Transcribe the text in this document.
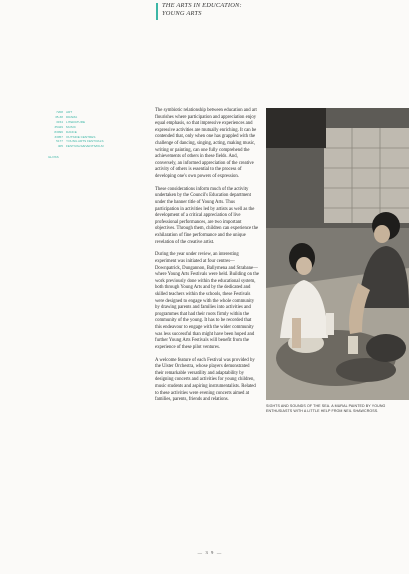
THE ARTS IN EDUCATION:
YOUNG ARTS
7208 ART
35-38 DRAMA
3154 LITERATURE
35429 MUSIC
83996 DANCE
33957 OUTSIDE CENTRES
5177 YOUNG ARTS FESTIVALS
405 FESTIVALS/EVENTS/FILM
GLOSS

The symbiotic relationship between education and art flourishes where participation and appreciation enjoy equal emphasis, so that impressive experiences and expressive activities are mutually enriching. It can be contended that, only when one has grappled with the challenge of dancing, singing, acting, making music, writing or painting, can one fully comprehend the achievements of others in these fields. And, conversely, an informed appreciation of the creative activity of others is essential to the process of developing one's own powers of expression.

These considerations inform much of the activity undertaken by the Council's Education department under the banner title of Young Arts. Thus participation in activities led by artists as well as the development of a critical appreciation of live professional performances, are two important objectives. Through them, children can experience the exhilaration of fine performance and the unique revelation of the creative artist.

During the year under review, an interesting experiment was initiated at four centres—Downpatrick, Dungannon, Ballymena and Strabane—where Young Arts Festivals were held. Building on the work previously done within the educational system, both through Young Arts and by the dedicated and skilled teachers within the schools, these Festivals were designed to engage with the whole community by drawing parents and families into activities and programmes that had their roots firmly within the community of the young. It has to be recorded that this endeavour to engage with the wider community was less successful than might have been hoped and further Young Arts Festivals will benefit from the experience of these pilot ventures.

A welcome feature of each Festival was provided by the Ulster Orchestra, whose players demonstrated their remarkable versatility and adaptability by designing concerts and activities for young children, music students and aspiring instrumentalists. Related to these activities were evening concerts aimed at families, parents, friends and relations.

SIGHTS AND SOUNDS OF THE SEA. A MURAL PAINTED BY YOUNG ENTHUSIASTS WITH A LITTLE HELP FROM NEIL SHAWCROSS.
— 3 9 —
